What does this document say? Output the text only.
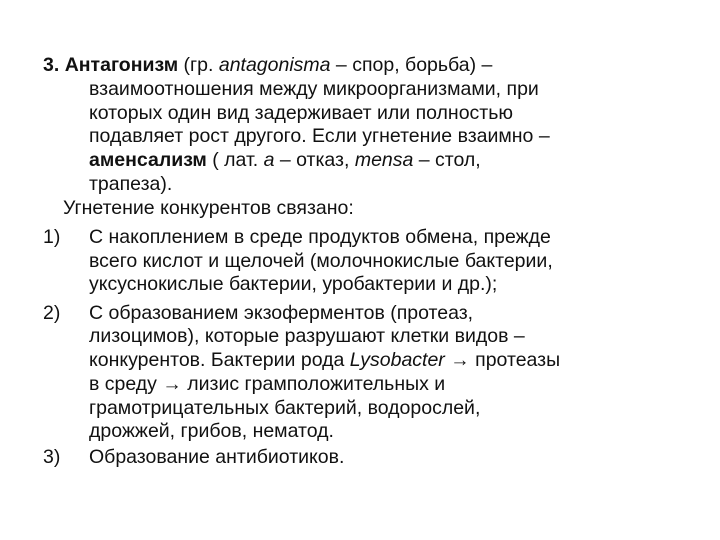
3. Антагонизм (гр. antagonisma – спор, борьба) –
взаимоотношения между микроорганизмами, при
которых один вид задерживает или полностью
подавляет рост другого. Если угнетение взаимно –
аменсализм ( лат. a – отказ, mensa – стол,
трапеза).
Угнетение конкурентов связано:
1) С накоплением в среде продуктов обмена, прежде
всего кислот и щелочей (молочнокислые бактерии,
уксуснокислые бактерии, уробактерии и др.);
2) С образованием экзоферментов (протеаз,
лизоцимов), которые разрушают клетки видов –
конкурентов. Бактерии рода Lysobacter → протеазы
в среду → лизис грамположительных и
грамотрицательных бактерий, водорослей,
дрожжей, грибов, нематод.
3) Образование антибиотиков.
